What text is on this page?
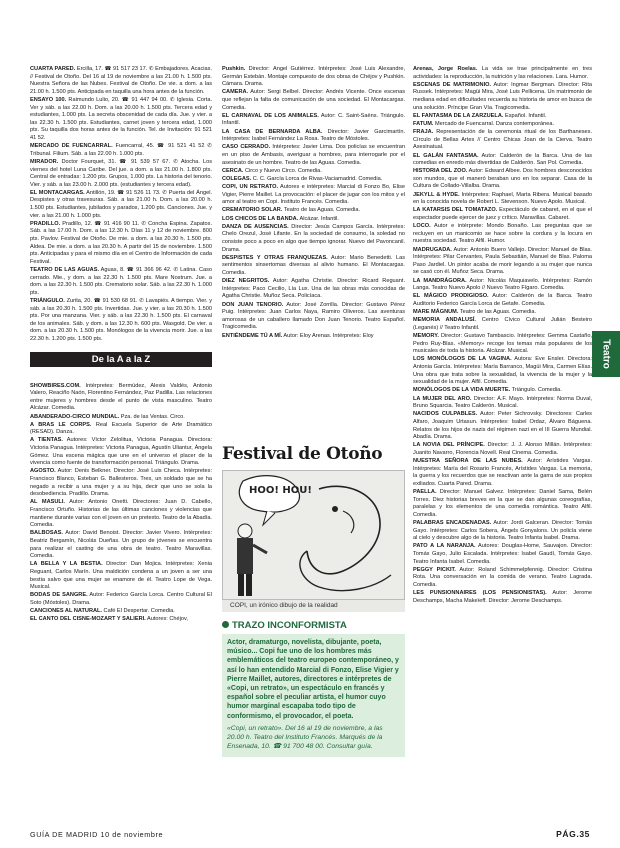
CUARTA PARED. Ercilla, 17. ☎ 91 517 23 17. ✆ Embajadores. Acacias. // Festival de Otoño. Del 16 al 19 de noviembre a las 21.00 h. 1.500 pts. Nuestra Señora de las Nubes. Festival de Otoño. De vie. a dom. a las 21.00 h. 1.500 pts. Anticipada en taquilla una hora antes de la función.
ENSAYO 100. Raimundo Lulio, 20. ☎ 91 447 94 00. ✆ Iglesia. Corta. Ver y sáb. a las 22.00 h. Dom. a las 20.00 h. 1.500 pts. Tercera edad y estudiantes, 1.000 pts. La secreta obscenidad de cada día. Jue. y vier. a las 22.30 h. 1.500 pts. Estudiantes, carnet joven y tercera edad, 1.000 pts. Su taquilla dos horas antes de la función. Tel. de Invitación: 91 521 41 52.
MERCADO DE FUENCARRAL. Fuencarral, 45. ☎ 91 521 41 52 ✆ Tribunal. Filium. Sáb. a las 22.00 h. 1.000 pts.
MIRADOR. Doctor Fourquet, 31. ☎ 91 539 57 67. ✆ Atocha. Los viernes del hotel Luna Caribe. Del jue. a dom. a las 21.00 h. 1.800 pts. Central de entradas: 1.200 pts. Grupos, 1.000 pts. La historia del tenorio. Vier. y sáb. a las 23.00 h. 2.000 pts. (estudiantes y tercera edad).
EL MONTACARGAS. Antillón, 19. ☎ 91 526 11 73. ✆ Puerta del Ángel. Despistes y otras travesuras. Sáb. a las 21.00 h. Dom. a las 20.00 h. 1.500 pts. Estudiantes, jubilados y parados, 1.200 pts. Canciones. Jue. y vier. a las 21.00 h. 1.000 pts.
PRADILLO. Pradillo, 12. ☎ 91 416 90 11. ✆ Concha Espina. Zapatos. Sáb. a las 17.00 h. Dom. a las 12.30 h. Días 11 y 12 de noviembre. 800 pts. Pavlov. Festival de Otoño. De mie. a dom. a las 20.30 h. 1.500 pts. Aldea. De mie. a dom. a las 20.30 h. A partir del 15 de noviembre. 1.500 pts. Anticipadas y para el mismo día en el Centro de Información de cada Festival.
TEATRO DE LAS AGUAS. Aguas, 8. ☎ 91 366 96 42. ✆ Latina. Caso cerrado. Mie., y dom. a las 22.30 h. 1.500 pts. Mare Nostrum. Jue. a dom. a las 22.30 h. 1.500 pts. Crematorio solar. Sáb. a las 22.30 h. 1.000 pts.
TRIÁNGULO. Zurita, 20. ☎ 91 530 68 91. ✆ Lavapiés. A tiempo. Vier. y sáb. a las 20.30 h. 1.500 pts. Invertidas. Jue. y vier. a las 20.30 h. 1.500 pts. Por una manzana. Vier. y sáb. a las 22.30 h. 1.500 pts. El carnaval de los animales. Sáb. y dom. a las 12.30 h. 600 pts. Wasgold. De vier. a dom. a las 20.30 h. 1.500 pts. Monólogos de la vivencia morir. Jue. a las 22.30 h. 1.200 pts. 1.500 pts.
De la A a la Z
SHOWBIRES.COM. Intérpretes: Bermúdez, Alexis Valdés, Antonio Valero, Reaciño Naón, Florentino Fernández, Paz Padilla. Las relaciones entre mujeres y hombres desde el punto de vista masculino. Teatro Alcázar. Comedia.
ABANDERADO-CIRCO MUNDIAL. Pza. de las Ventas. Circo.
A BRAS LE CORPS. Real Escuela Superior de Arte Dramático (RESAD). Danza.
A TIENTAS. Autores: Víctor Zelolitua, Victoria Panagua. Directora: Victoria Panagua. Intérpretes: Victoria Panagua, Agustín Uliantur, Ángela Gómez. Una escena mágica que une en el universo el placer de la vivencia como fuente de transformación personal. Triángulo. Drama.
AGOSTO. Autor: Denis Belkner. Director: José Luis Checa. Intérpretes: Francisco Blanco, Esteban G. Ballesteros. Tres, un soldado que se ha negado a recibir a una mujer y a su hija, decir que uno se sola la desobediencia. Pradillo. Drama.
AL MASULI. Autor: Antonio Onetti. Directores: Juan D. Cabello, Francisco Ortuño. Historias de las últimas canciones y violencias que mantiene durante varias con el joven en un pretexto. Teatro de la Abadía. Comedia.
BALBOSAS. Autor: David Benoist. Director: Javier Vivero. Intérpretes: Beatriz Bergamín, Nicolás Dueñas. Un grupo de jóvenes se encuentra para realizar el casting de una obra de teatro. Teatro Maravillas. Comedia.
LA BELLA Y LA BESTIA. Director: Dan Mojica. Intérpretes: Xenia Reguant, Carlos Marín. Una maldición condena a un joven a ser una bestia salvo que una mujer se enamore de él. Teatro Lope de Vega. Musical.
BODAS DE SANGRE. Autor: Federico García Lorca. Centro Cultural El Soto (Móstoles). Drama.
CANCIONES AL NATURAL. Café El Despertar. Comedia.
EL CANTO DEL CISNE-MOZART Y SALIERI. Autores: Chéjov,
Pushkin. Director: Ángel Gutiérrez. Intérpretes: José Luis Alexandre, Germán Estebán. Montaje compuesto de dos obras de Chéjov y Pushkin. Cámara. Drama.
CAMERA. Autor: Sergi Belbel. Director: Andrés Vicente. Once escenas que reflejan la falta de comunicación de una sociedad. El Montacargas. Comedia.
EL CARNAVAL DE LOS ANIMALES. Autor: C. Saint-Saëns. Triángulo. Infantil.
LA CASA DE BERNARDA ALBA. Director: Javier Garcimartín. Intérpretes: Isabel Fernández La Rosa. Teatro de Móstoles.
CASO CERRADO. Intérpretes: Javier Lima. Dos policías se encuentran en un piso de Ambasis, averiguar a hombres, para interrogarle por el asesinato de un hombre. Teatro de las Aguas. Comedia.
CERCA. Circo y Nuevo Circo. Comedia.
COLEGAS. C. C. García Lorca de Rivas-Vaciamadrid. Comedia.
COPI, UN RETRATO. Autores e intérpretes: Marcial di Fonzo Bo, Elise Vigier, Pierre Maillet. La provocación: el placer de jugar con los mitos y el amor al teatro en Copi. Instituto Francés. Comedia.
CREMATORIO SOLAR. Teatro de las Aguas. Comedia.
LOS CHICOS DE LA BANDA. Alcázar. Infantil.
DANZA DE AUSENCIAS. Director: Jesús Campos García. Intérpretes: Chelo Orezul, José Lifante. En la sociedad de consumo, la soledad no consiste poco a poco en algo que tiempo ignorar. Nuevo del Pavoncanil. Drama.
DESPISTES Y OTRAS FRANQUEZAS. Autor: Mario Benedetti. Las sentimentos sinsertomas diversas al alivio humano. El Montacargas. Comedia.
DIEZ NEGRITOS. Autor: Agatha Christie. Director: Ricard Reguant. Intérpretes: Paco Cecilio, Lía Lux. Una de las obras más conocidas de Agatha Christie. Muñoz Seca. Policíaca.
DON JUAN TENORIO. Autor: José Zorrilla. Director: Gustavo Pérez Puig. Intérpretes: Juan Carlos Naya, Ramiro Oliveros. Las aventuras amorosas de un caballero llamado Don Juan Tenorio. Teatro Español. Tragicomedia.
ENTIÉNDEME TÚ A MÍ. Autor: Eloy Arenas. Intérpretes: Eloy
Festival de Otoño
HOO! HOU!
COPI, un irónico dibujo de la realidad
TRAZO INCONFORMISTA

Actor, dramaturgo, novelista, dibujante, poeta, músico... Copi fue uno de los hombres más emblemáticos del teatro europeo contemporáneo, y así lo han entendido Marcial di Fonzo, Elise Vigier y Pierre Maillet, autores, directores e intérpretes de «Copi, un retrato», un espectáculo en francés y español sobre el peculiar artista, el humor cuyo humor marginal escapaba todo tipo de conformismo, el provocador, el poeta.

«Copi, un retrato». Del 16 al 19 de noviembre, a las 20.00 h. Teatro del Instituto Francés. Marqués de la Ensenada, 10. ☎ 91 700 48 00. Consultar guía.
Arenas, Jorge Roelas. La vida se trae principalmente en tres actividades: la reproducción, la nutrición y las relaciones. Lara. Humor.
ESCENAS DE MATRIMONIO. Autor: Ingmar Bergman. Director: Rita Russek. Intérpretes: Magüi Mira, José Luis Pellicena. Un matrimonio de mediana edad en dificultades recuerda su historia de amor en busca de una solución. Príncipe Gran Vía. Tragicomedia.
EL FANTASMA DE LA ZARZUELA. Español. Infantil.
FATUM. Mercado de Fuencarral. Danza contemporánea.
FRAJA. Representación de la ceremonia ritual de los Barthaneses. Círculo de Bellas Artes // Centro Chicas Joan de la Cierva. Teatro Asesinatual.
EL GALÁN FANTASMA. Autor: Calderón de la Barca. Una de las comedias en enredo más divertidas de Calderón. San Pol. Comedia.
HISTORIA DEL ZOO. Autor: Edward Albee. Dos hombres desconocidos son mundos, que el maneró beraban uno en los separar. Casa de la Cultura de Collado-Villalba. Drama.
JEKYLL & HYDE. Intérpretes: Raphael, Marta Ribera. Musical basado en la conocida novela de Robert L. Stevenson. Nuevo Apolo. Musical.
LA KATARSIS DEL TOMATAZO. Espectáculo de cabaret, en el que el espectador puede ejercer de juez y crítico. Maravillas. Cabaret.
LOCO. Autor e intérprete: Mondo Bonaño. Las preguntas que se recluyen en un manicomio se hace sobre la cordura y la locura en nuestra sociedad. Teatro Alfil. Humor.
MADRUGADA. Autor: Antonio Buero Vallejo. Director: Manuel de Blas. Intérpretes: Pilar Cervantes, Paula Sebastián, Manuel de Blas. Paloma Paso Jardiel. Un pintor acaba de morir legando a su mujer que nunca se casó con él. Muñoz Seca. Drama.
LA MANDRÁGORA. Autor: Nicolás Maquiavelo. Intérpretes: Ramón Langa. Teatro Nuevo Apolo // Nuevo Teatro Fígaro. Comedia.
EL MÁGICO PRODIGIOSO. Autor: Calderón de la Barca. Teatro Auditorio Federico García Lorca de Getafe. Comedia.
MARE MÁGNUM. Teatro de las Aguas. Comedia.
MEMORIA ANDALUSÍ. Centro Cívico Cultural Julián Besteiro (Leganés) // Teatro Infantil.
MEMORY. Director: Gustavo Tambascio. Intérpretes: Gemma Castaño, Pedro Ruy-Blas. «Memory» recoge los temas más populares de los musicales de toda la historia. Alcázar. Musical.
LOS MONÓLOGOS DE LA VAGINA. Autora: Eve Ensler. Directora: Antonia García. Intérpretes: María Barranco, Magüi Mira, Carmen Elías. Una obra que trata sobre la sexualidad, la vivencia de la mujer y la sexualidad de la mujer. Alfil. Comedia.
MONÓLOGOS DE LA VIDA MUERTE. Triángulo. Comedia.
LA MUJER DEL ARO. Director: Á.F. Mayo. Intérpretes: Norma Duval, Bruno Squarcia. Teatro Calderón. Musical.
NACIDOS CULPABLES. Autor: Peter Sichrovsky. Directores: Carles Alfaro, Joaquim Urtasun. Intérpretes: Isabel Ordaz, Álvaro Báguena. Relatos de los hijos de nazis del régimen nazi en el III Guerra Mundial. Abadía. Drama.
LA NOVIA DEL PRÍNCIPE. Director: J. J. Alonso Millán. Intérpretes: Juanito Navarro, Florencia Novell. Real Cinema. Comedia.
NUESTRA SEÑORA DE LAS NUBES. Autor: Arístides Vargas. Intérpretes: María del Rosario Francés, Arístides Vargas. La memoria, la guerra y los recuerdos que se reactivan ante la garra de sus propios exiliados. Cuarta Pared. Drama.
PAELLA. Director: Manuel Galvez. Intérpretes: Daniel Sama, Belén Torres. Diez historias breves en la que se dan algunas coreografías, paralelas y los elementos de una comedia romántica. Teatro Alfil. Comedia.
PALABRAS ENCADENADAS. Autor: Jordi Galceran. Director: Tomás Gayo. Intérpretes: Carlos Sobera, Ángels Gonyalons. Un policía viene al cielo y descubre algo de la historia. Teatro Infanta Isabel. Drama.
PATO A LA NARANJA. Autores: Douglas-Home, Sauvajon. Director: Tomás Gayo, Julio Escalada. Intérpretes: Isabel Gaudí, Tomás Gayo. Teatro Infanta Isabel. Comedia.
PEGGY PICKIT. Autor: Roland Schimmelpfennig. Director: Cristina Rota. Una conversación en la comida de verano. Teatro Lagrada. Comedia.
LES PUNSIONNAIRES (LOS PENSIONISTAS). Autor: Jerome Deschamps, Macha Makeïeff. Director: Jerome Deschamps.
Teatro
GUÍA DE MADRID 10 de noviembre	PÁG.35
